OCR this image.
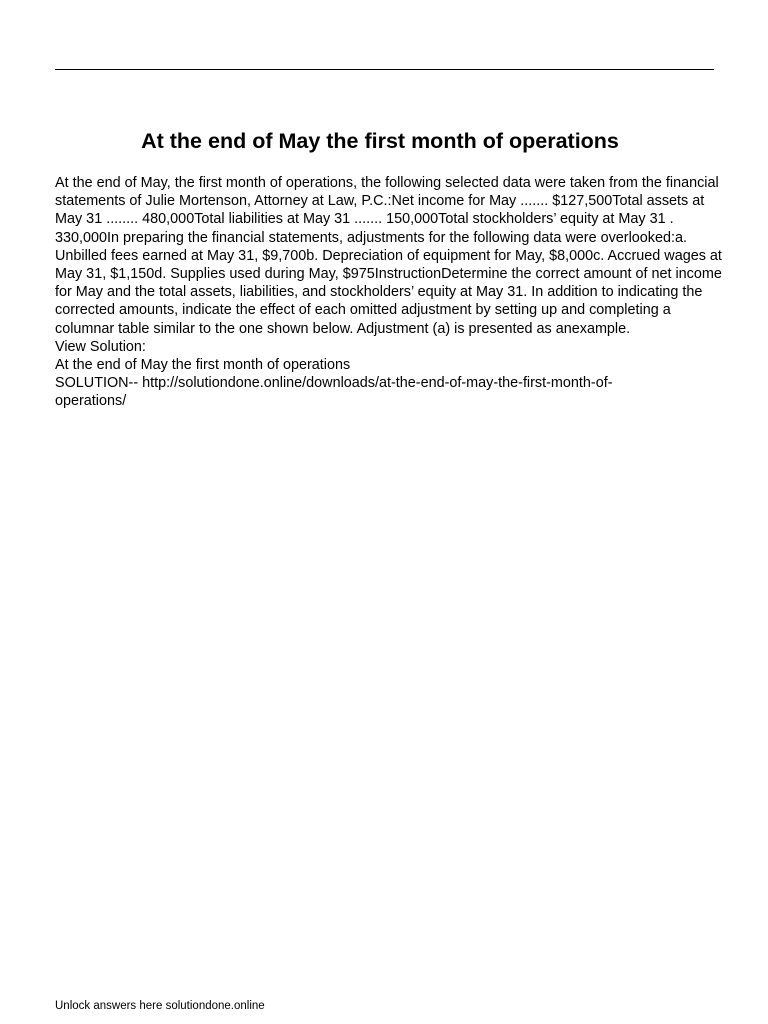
At the end of May the first month of operations

At the end of May, the first month of operations, the following selected data were taken from the financial statements of Julie Mortenson, Attorney at Law, P.C.:Net income for May ....... $127,500Total assets at May 31 ........ 480,000Total liabilities at May 31 ....... 150,000Total stockholders’ equity at May 31 . 330,000In preparing the financial statements, adjustments for the following data were overlooked:a. Unbilled fees earned at May 31, $9,700b. Depreciation of equipment for May, $8,000c. Accrued wages at May 31, $1,150d. Supplies used during May, $975InstructionDetermine the correct amount of net income for May and the total assets, liabilities, and stockholders’ equity at May 31. In addition to indicating the corrected amounts, indicate the effect of each omitted adjustment by setting up and completing a columnar table similar to the one shown below. Adjustment (a) is presented as anexample.

View Solution:

At the end of May the first month of operations

SOLUTION-- http://solutiondone.online/downloads/at-the-end-of-may-the-first-month-of-
operations/

Unlock answers here solutiondone.online
